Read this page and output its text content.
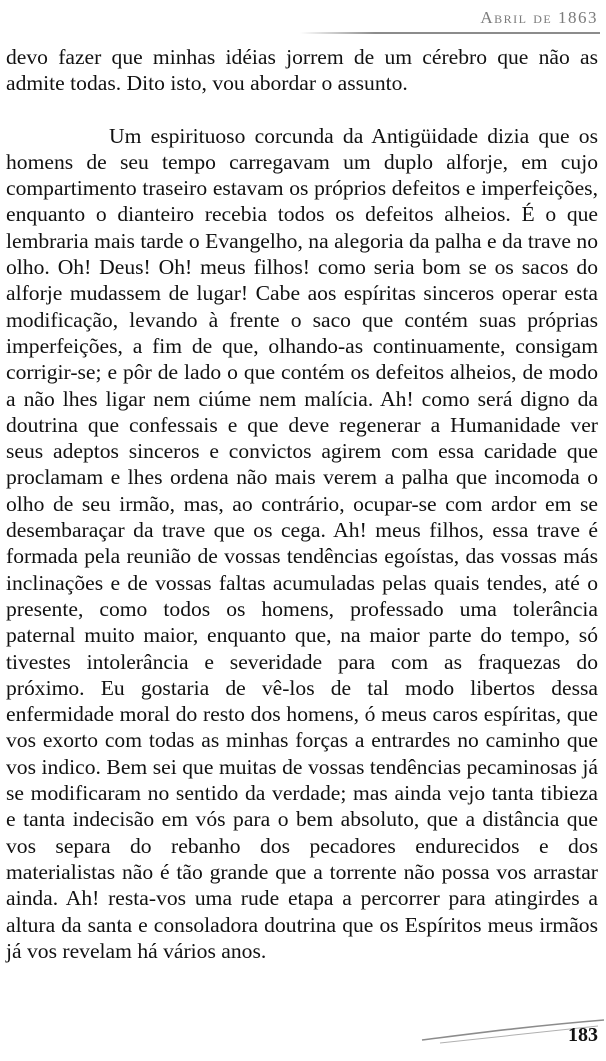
Abril de 1863

devo fazer que minhas idéias jorrem de um cérebro que não as admite todas. Dito isto, vou abordar o assunto.

Um espirituoso corcunda da Antigüidade dizia que os homens de seu tempo carregavam um duplo alforje, em cujo compartimento traseiro estavam os próprios defeitos e imperfeições, enquanto o dianteiro recebia todos os defeitos alheios. É o que lembraria mais tarde o Evangelho, na alegoria da palha e da trave no olho. Oh! Deus! Oh! meus filhos! como seria bom se os sacos do alforje mudassem de lugar! Cabe aos espíritas sinceros operar esta modificação, levando à frente o saco que contém suas próprias imperfeições, a fim de que, olhando-as continuamente, consigam corrigir-se; e pôr de lado o que contém os defeitos alheios, de modo a não lhes ligar nem ciúme nem malícia. Ah! como será digno da doutrina que confessais e que deve regenerar a Humanidade ver seus adeptos sinceros e convictos agirem com essa caridade que proclamam e lhes ordena não mais verem a palha que incomoda o olho de seu irmão, mas, ao contrário, ocupar-se com ardor em se desembaraçar da trave que os cega. Ah! meus filhos, essa trave é formada pela reunião de vossas tendências egoístas, das vossas más inclinações e de vossas faltas acumuladas pelas quais tendes, até o presente, como todos os homens, professado uma tolerância paternal muito maior, enquanto que, na maior parte do tempo, só tivestes intolerância e severidade para com as fraquezas do próximo. Eu gostaria de vê-los de tal modo libertos dessa enfermidade moral do resto dos homens, ó meus caros espíritas, que vos exorto com todas as minhas forças a entrardes no caminho que vos indico. Bem sei que muitas de vossas tendências pecaminosas já se modificaram no sentido da verdade; mas ainda vejo tanta tibieza e tanta indecisão em vós para o bem absoluto, que a distância que vos separa do rebanho dos pecadores endurecidos e dos materialistas não é tão grande que a torrente não possa vos arrastar ainda. Ah! resta-vos uma rude etapa a percorrer para atingirdes a altura da santa e consoladora doutrina que os Espíritos meus irmãos já vos revelam há vários anos.

183
